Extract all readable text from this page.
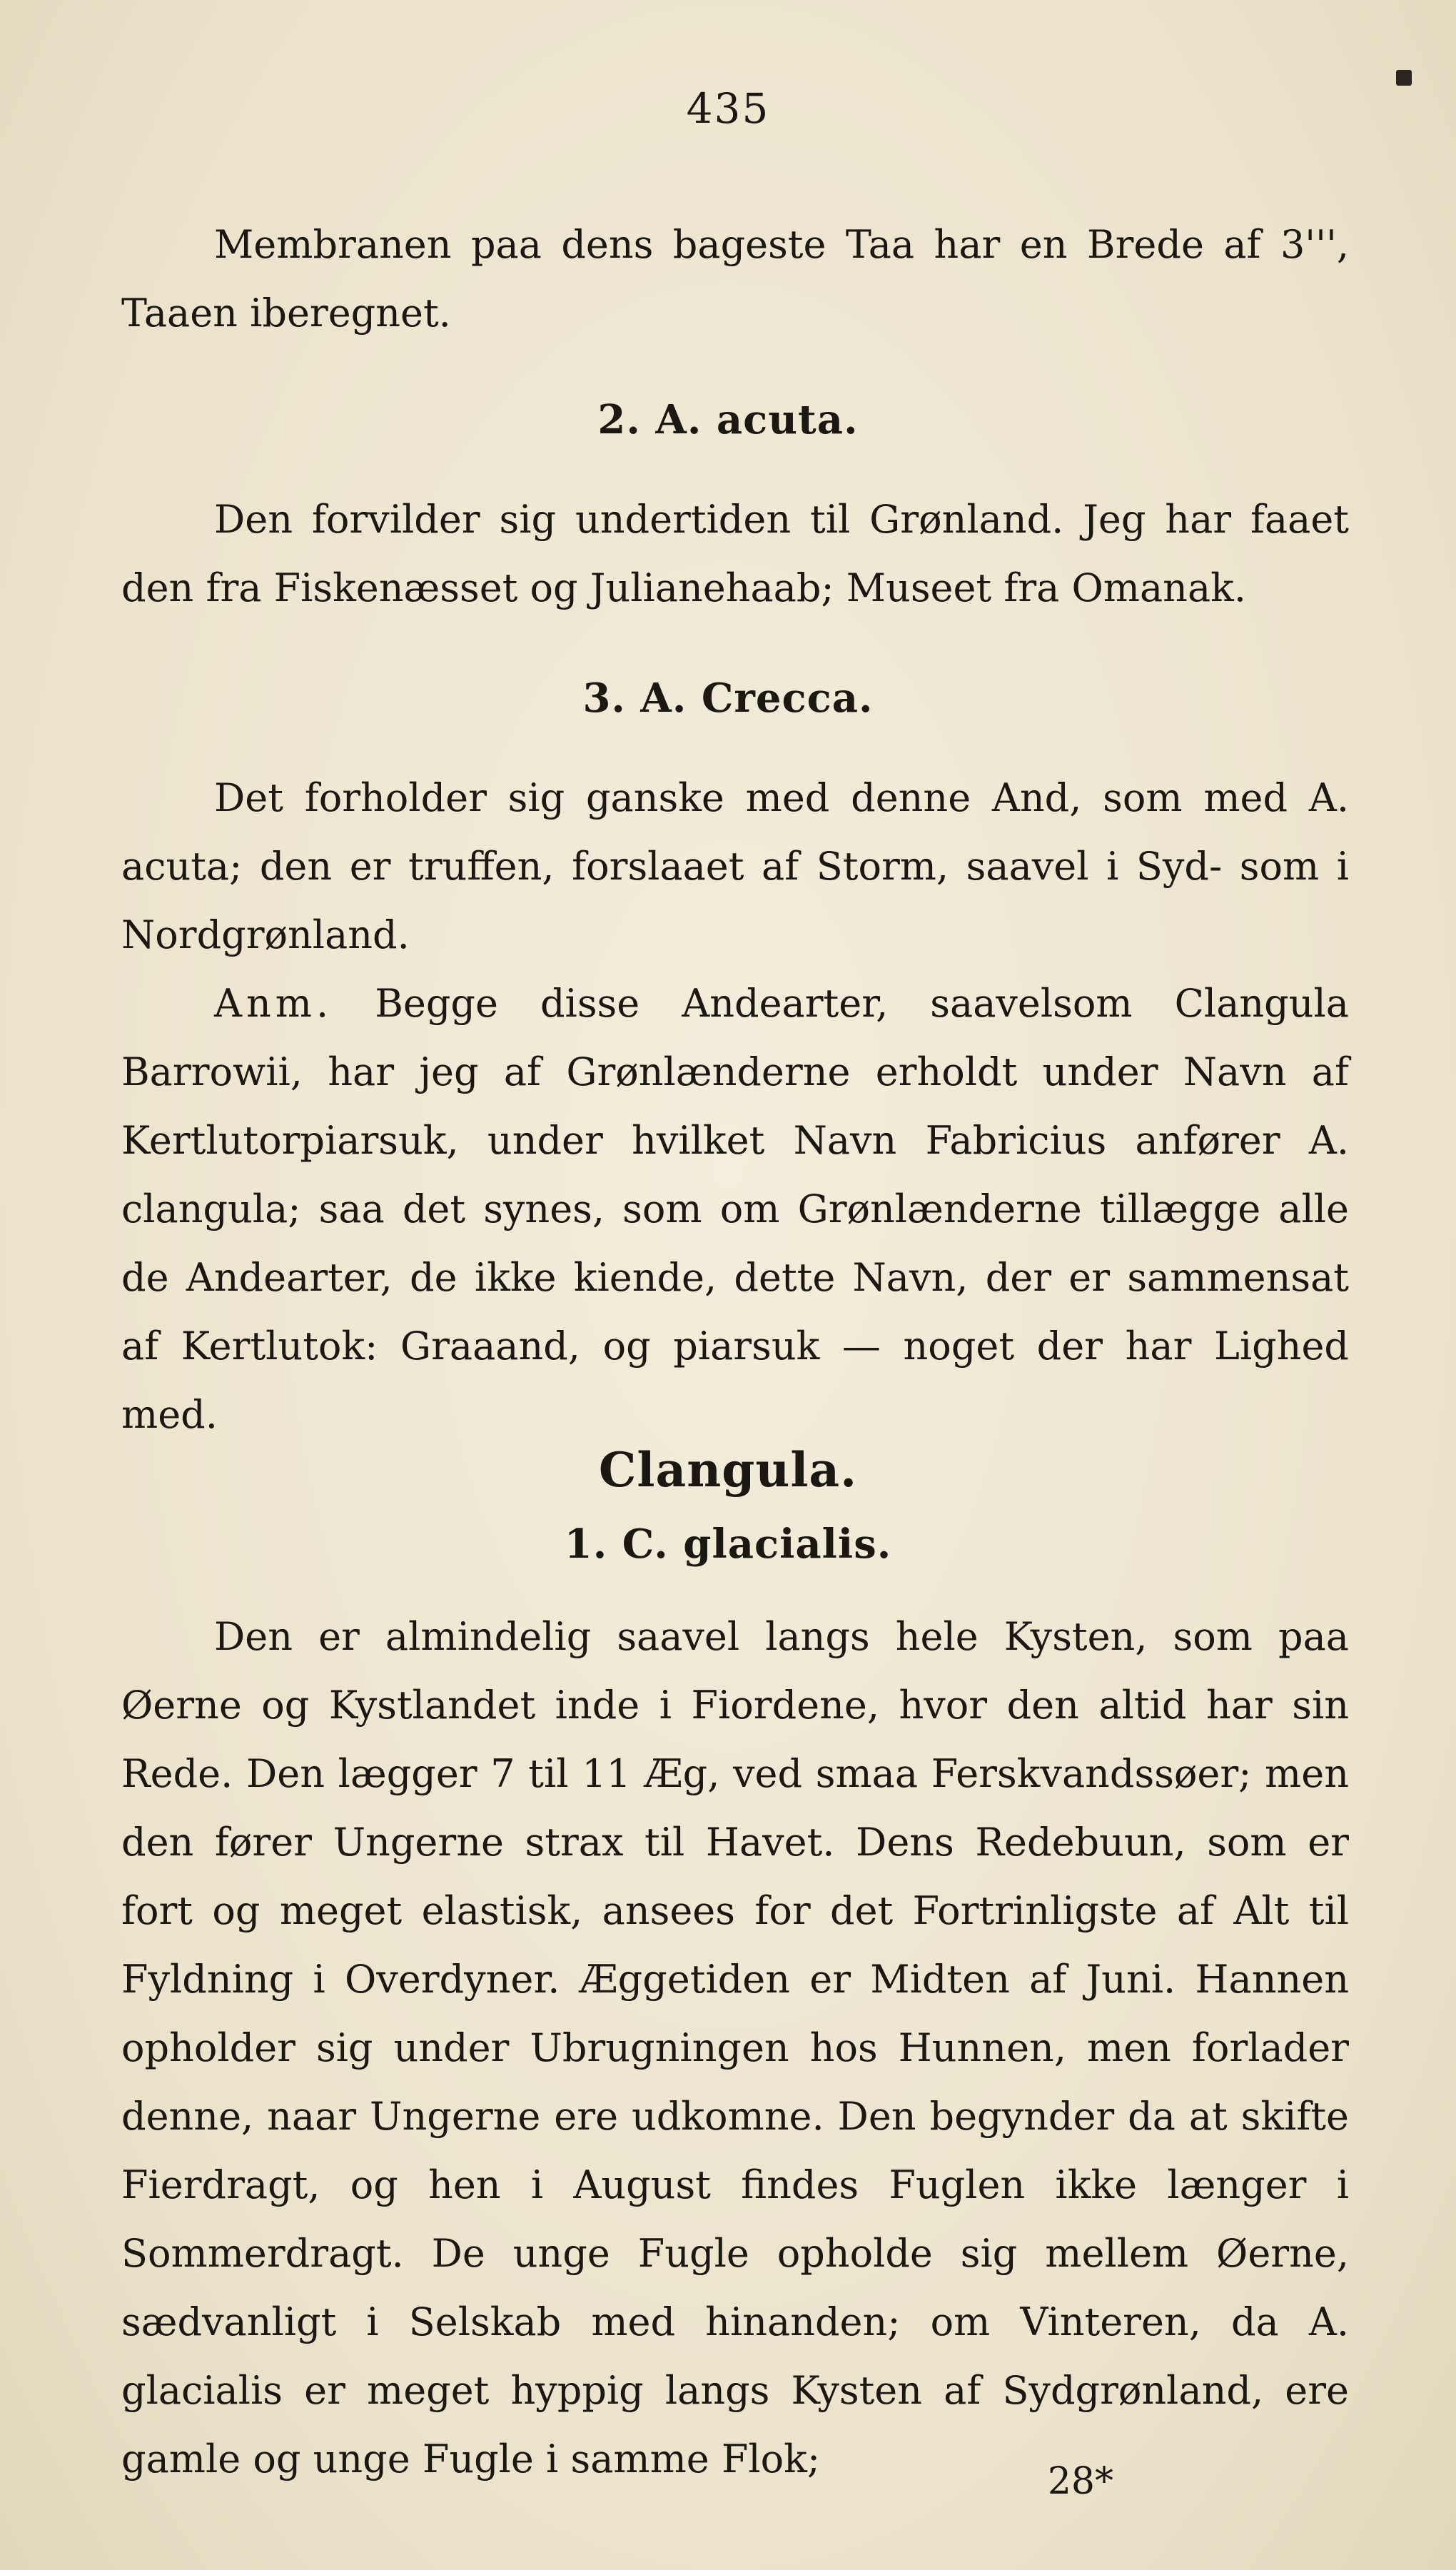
435

Membranen paa dens bageste Taa har en Brede af 3''', Taaen iberegnet.

2. A. acuta.

Den forvilder sig undertiden til Grønland. Jeg har faaet den fra Fiskenæsset og Julianehaab; Museet fra Omanak.

3. A. Crecca.

Det forholder sig ganske med denne And, som med A. acuta; den er truffen, forslaaet af Storm, saavel i Syd- som i Nordgrønland.

Anm. Begge disse Andearter, saavelsom Clangula Barrowii, har jeg af Grønlænderne erholdt under Navn af Kertlutorpiarsuk, under hvilket Navn Fabricius anfører A. clangula; saa det synes, som om Grønlænderne tillægge alle de Andearter, de ikke kiende, dette Navn, der er sammensat af Kertlutok: Graaand, og piarsuk — noget der har Lighed med.

Clangula.
1. C. glacialis.

Den er almindelig saavel langs hele Kysten, som paa Øerne og Kystlandet inde i Fiordene, hvor den altid har sin Rede. Den lægger 7 til 11 Æg, ved smaa Ferskvandssøer; men den fører Ungerne strax til Havet. Dens Redebuun, som er fort og meget elastisk, ansees for det Fortrinligste af Alt til Fyldning i Overdyner. Æggetiden er Midten af Juni. Hannen opholder sig under Ubrugningen hos Hunnen, men forlader denne, naar Ungerne ere udkomne. Den begynder da at skifte Fierdragt, og hen i August findes Fuglen ikke længer i Sommerdragt. De unge Fugle opholde sig mellem Øerne, sædvanligt i Selskab med hinanden; om Vinteren, da A. glacialis er meget hyppig langs Kysten af Sydgrønland, ere gamle og unge Fugle i samme Flok;	28*
